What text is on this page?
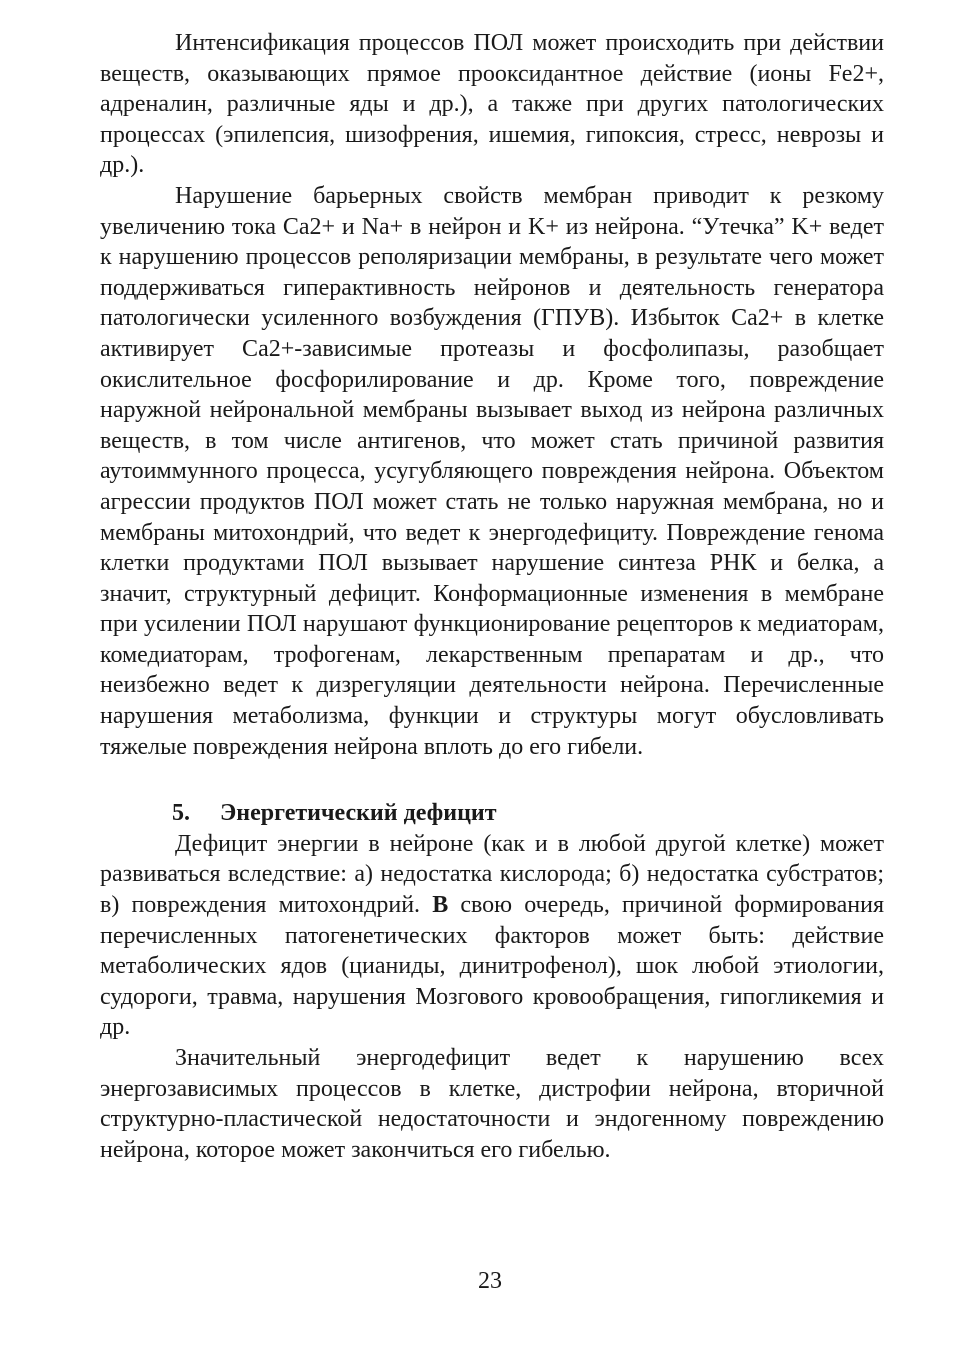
Интенсификация процессов ПОЛ может происходить при действии веществ, оказывающих прямое прооксидантное действие (ионы Fe2+, адреналин, различные яды и др.), а также при других патологических процессах (эпилепсия, шизофрения, ишемия, гипоксия, стресс, неврозы и др.).

Нарушение барьерных свойств мембран приводит к резкому увеличению тока Ca2+ и Na+ в нейрон и K+ из нейрона. “Утечка” K+ ведет к нарушению процессов реполяризации мембраны, в результате чего может поддерживаться гиперактивность нейронов и деятельность генератора патологически усиленного возбуждения (ГПУВ). Избыток Ca2+ в клетке активирует Ca2+-зависимые протеазы и фосфолипазы, разобщает окислительное фосфорилирование и др. Кроме того, повреждение наружной нейрональной мембраны вызывает выход из нейрона различных веществ, в том числе антигенов, что может стать причиной развития аутоиммунного процесса, усугубляющего повреждения нейрона. Объектом агрессии продуктов ПОЛ может стать не только наружная мембрана, но и мембраны митохондрий, что ведет к энергодефициту. Повреждение генома клетки продуктами ПОЛ вызывает нарушение синтеза РНК и белка, а значит, структурный дефицит. Конформационные изменения в мембране при усилении ПОЛ нарушают функционирование рецепторов к медиаторам, комедиаторам, трофогенам, лекарственным препаратам и др., что неизбежно ведет к дизрегуляции деятельности нейрона. Перечисленные нарушения метаболизма, функции и структуры могут обусловливать тяжелые повреждения нейрона вплоть до его гибели.

5. Энергетический дефицит

Дефицит энергии в нейроне (как и в любой другой клетке) может развиваться вследствие: а) недостатка кислорода; б) недостатка субстратов; в) повреждения митохондрий. В свою очередь, причиной формирования перечисленных патогенетических факторов может быть: действие метаболических ядов (цианиды, динитрофенол), шок любой этиологии, судороги, травма, нарушения Мозгового кровообращения, гипогликемия и др.

Значительный энергодефицит ведет к нарушению всех энергозависимых процессов в клетке, дистрофии нейрона, вторичной структурно-пластической недостаточности и эндогенному повреждению нейрона, которое может закончиться его гибелью.

23
